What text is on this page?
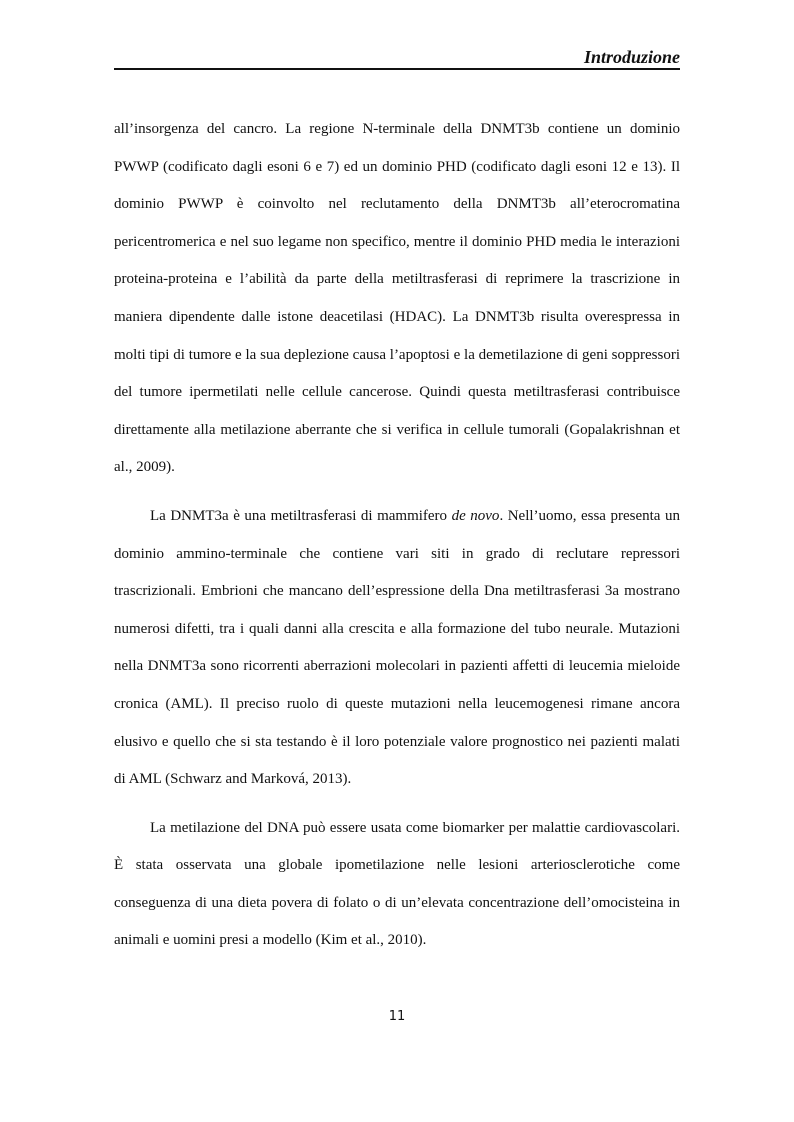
Introduzione

all’insorgenza del cancro. La regione N-terminale della DNMT3b contiene un dominio PWWP (codificato dagli esoni 6 e 7) ed un dominio PHD (codificato dagli esoni 12 e 13). Il dominio PWWP è coinvolto nel reclutamento della DNMT3b all’eterocromatina pericentromerica e nel suo legame non specifico, mentre il dominio PHD media le interazioni proteina-proteina e l’abilità da parte della metiltrasferasi di reprimere la trascrizione in maniera dipendente dalle istone deacetilasi (HDAC). La DNMT3b risulta overespressa in molti tipi di tumore e la sua deplezione causa l’apoptosi e la demetilazione di geni soppressori del tumore ipermetilati nelle cellule cancerose. Quindi questa metiltrasferasi contribuisce direttamente alla metilazione aberrante che si verifica in cellule tumorali (Gopalakrishnan et al., 2009).

La DNMT3a è una metiltrasferasi di mammifero de novo. Nell’uomo, essa presenta un dominio ammino-terminale che contiene vari siti in grado di reclutare repressori trascrizionali. Embrioni che mancano dell’espressione della Dna metiltrasferasi 3a mostrano numerosi difetti, tra i quali danni alla crescita e alla formazione del tubo neurale. Mutazioni nella DNMT3a sono ricorrenti aberrazioni molecolari in pazienti affetti di leucemia mieloide cronica (AML). Il preciso ruolo di queste mutazioni nella leucemogenesi rimane ancora elusivo e quello che si sta testando è il loro potenziale valore prognostico nei pazienti malati di AML (Schwarz and Marková, 2013).

La metilazione del DNA può essere usata come biomarker per malattie cardiovascolari. È stata osservata una globale ipometilazione nelle lesioni arteriosclerotiche come conseguenza di una dieta povera di folato o di un’elevata concentrazione dell’omocisteina in animali e uomini presi a modello (Kim et al., 2010).

11
